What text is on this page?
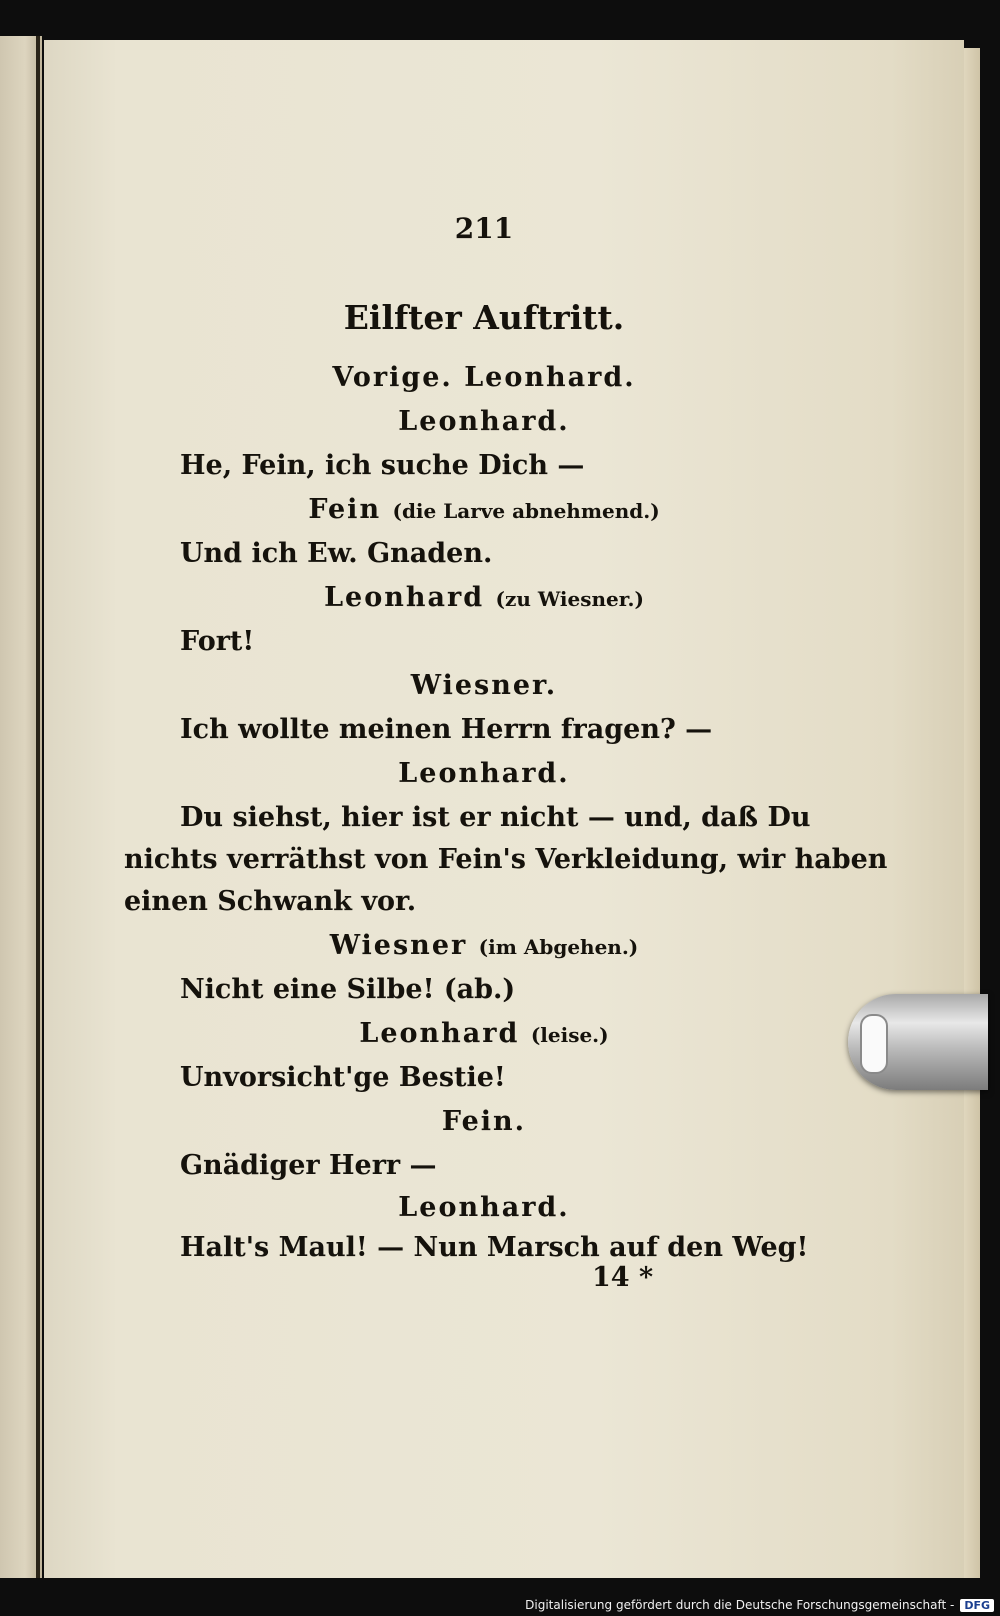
211
Eilfter Auftritt.
Vorige. Leonhard.
Leonhard.
He, Fein, ich suche Dich —
Fein (die Larve abnehmend.)
Und ich Ew. Gnaden.
Leonhard (zu Wiesner.)
Fort!
Wiesner.
Ich wollte meinen Herrn fragen? —
Leonhard.
Du siehst, hier ist er nicht — und, daß Du
nichts verräthst von Fein's Verkleidung, wir haben
einen Schwank vor.
Wiesner (im Abgehen.)
Nicht eine Silbe! (ab.)
Leonhard (leise.)
Unvorsicht'ge Bestie!
Fein.
Gnädiger Herr —
Leonhard.
Halt's Maul! — Nun Marsch auf den Weg!
14 *
Digitalisierung gefördert durch die Deutsche Forschungsgemeinschaft - DFG
